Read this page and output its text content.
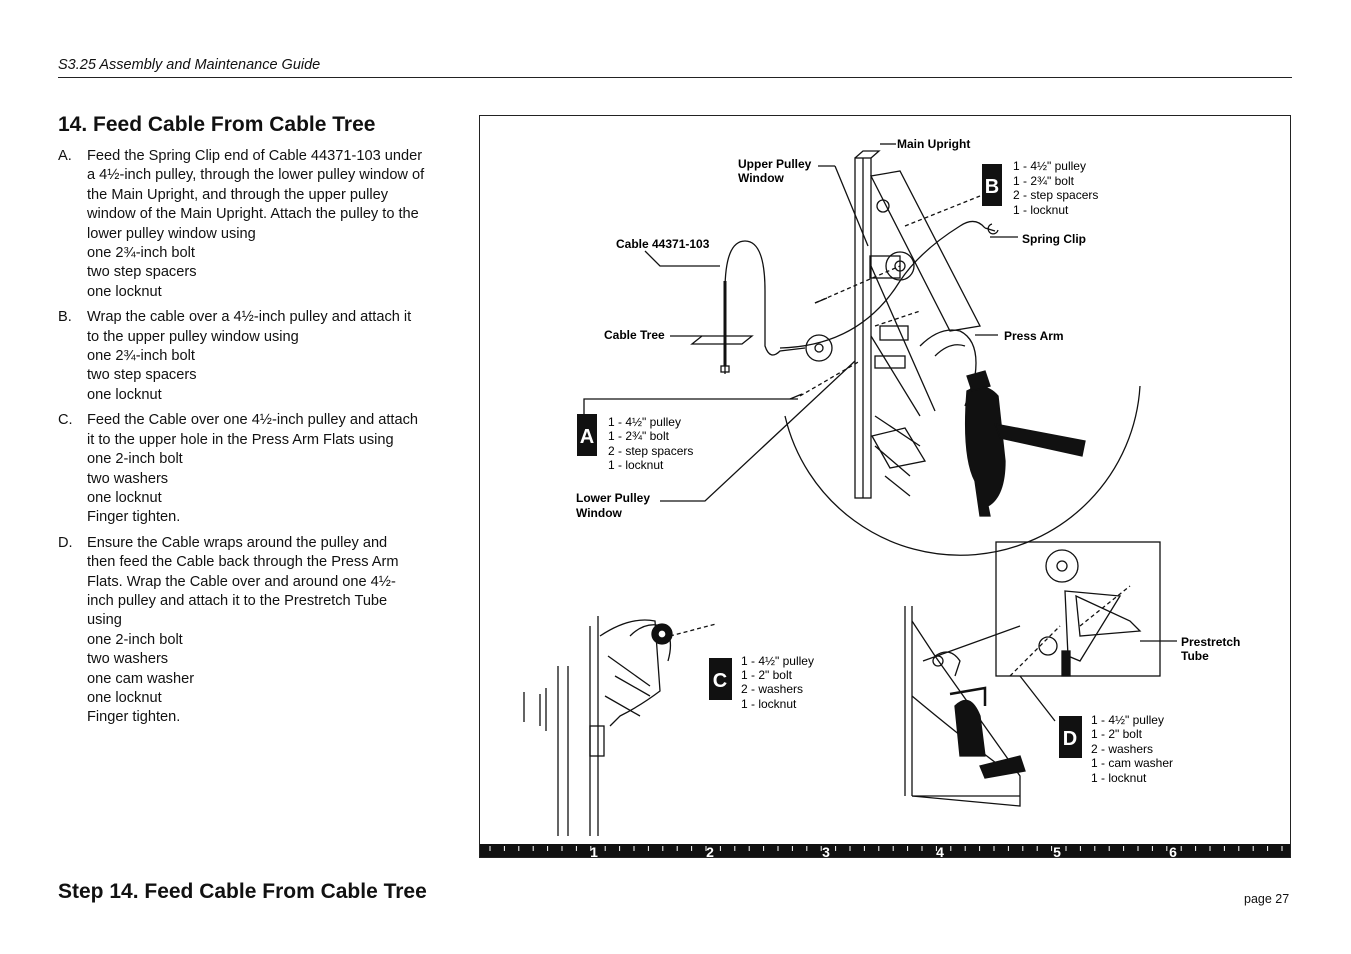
S3.25 Assembly and Maintenance Guide
14. Feed Cable From Cable Tree
A. Feed the Spring Clip end of Cable 44371-103 under
a 4½-inch pulley, through the lower pulley window of
the Main Upright, and through the upper pulley
window of the Main Upright. Attach the pulley to the
lower pulley window using
one 2¾-inch bolt
two step spacers
one locknut
B. Wrap the cable over a 4½-inch pulley and attach it
to the upper pulley window using
one 2¾-inch bolt
two step spacers
one locknut
C. Feed the Cable over one 4½-inch pulley and attach
it to the upper hole in the Press Arm Flats using
one 2-inch bolt
two washers
one locknut
Finger tighten.
D. Ensure the Cable wraps around the pulley and
then feed the Cable back through the Press Arm
Flats. Wrap the Cable over and around one 4½-
inch pulley and attach it to the Prestretch Tube
using
one 2-inch bolt
two washers
one cam washer
one locknut
Finger tighten.
Main Upright
Upper Pulley
Window
Cable 44371-103	Spring Clip
Cable Tree	Press Arm
Lower Pulley
Window
Prestretch
Tube
A
1 - 4½" pulley
1 - 2¾" bolt
2 - step spacers
1 - locknut
B
1 - 4½" pulley
1 - 2¾" bolt
2 - step spacers
1 - locknut
C
1 - 4½" pulley
1 - 2" bolt
2 - washers
1 - locknut
D
1 - 4½" pulley
1 - 2" bolt
2 - washers
1 - cam washer
1 - locknut
1	2	3	4	5	6
Step 14. Feed Cable From Cable Tree	page 27
